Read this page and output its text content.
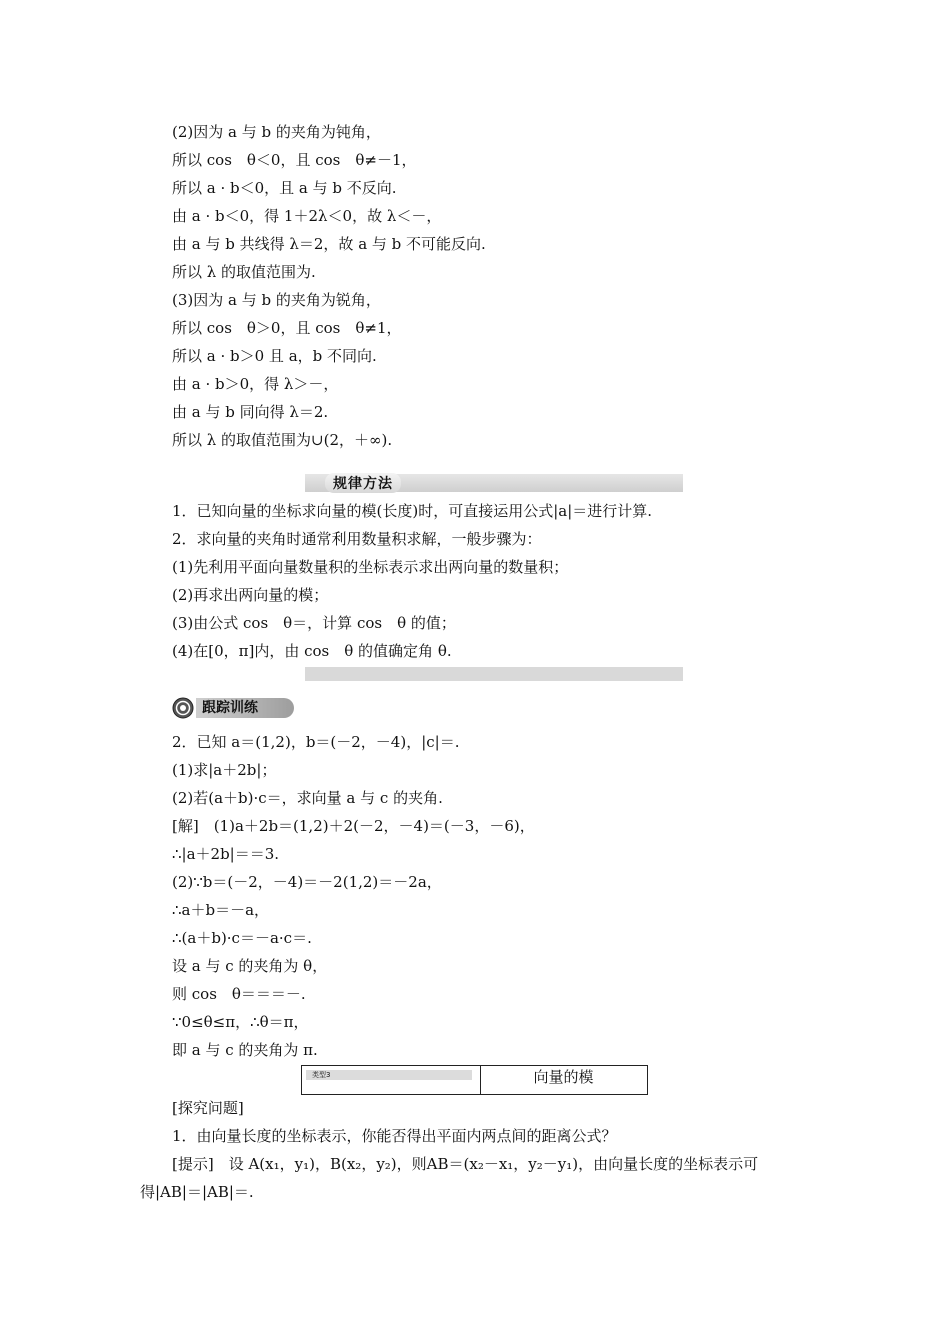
(2)因为 a 与 b 的夹角为钝角，
所以 cos　θ＜0，且 cos　θ≠－1，
所以 a · b＜0，且 a 与 b 不反向.
由 a · b＜0，得 1＋2λ＜0，故 λ＜－，
由 a 与 b 共线得 λ＝2，故 a 与 b 不可能反向.
所以 λ 的取值范围为.
(3)因为 a 与 b 的夹角为锐角，
所以 cos　θ＞0，且 cos　θ≠1，
所以 a · b＞0 且 a，b 不同向.
由 a · b＞0，得 λ＞－，
由 a 与 b 同向得 λ＝2.
所以 λ 的取值范围为∪(2，＋∞).
规律方法
1．已知向量的坐标求向量的模(长度)时，可直接运用公式|a|＝进行计算.
2．求向量的夹角时通常利用数量积求解，一般步骤为：
(1)先利用平面向量数量积的坐标表示求出两向量的数量积；
(2)再求出两向量的模；
(3)由公式 cos　θ＝，计算 cos　θ 的值；
(4)在[0，π]内，由 cos　θ 的值确定角 θ.
跟踪训练
2．已知 a＝(1,2)，b＝(－2，－4)，|c|＝.
(1)求|a＋2b|；
(2)若(a＋b)·c＝，求向量 a 与 c 的夹角.
[解]　(1)a＋2b＝(1,2)＋2(－2，－4)＝(－3，－6)，
∴|a＋2b|＝＝3.
(2)∵b＝(－2，－4)＝－2(1,2)＝－2a，
∴a＋b＝－a，
∴(a＋b)·c＝－a·c＝.
设 a 与 c 的夹角为 θ，
则 cos　θ＝＝＝－.
∵0≤θ≤π，∴θ＝π，
即 a 与 c 的夹角为 π.
类型3	向量的模
[探究问题]
1．由向量长度的坐标表示，你能否得出平面内两点间的距离公式？
[提示]　设 A(x₁，y₁)，B(x₂，y₂)，则AB＝(x₂－x₁，y₂－y₁)，由向量长度的坐标表示可
得|AB|＝|AB|＝.
